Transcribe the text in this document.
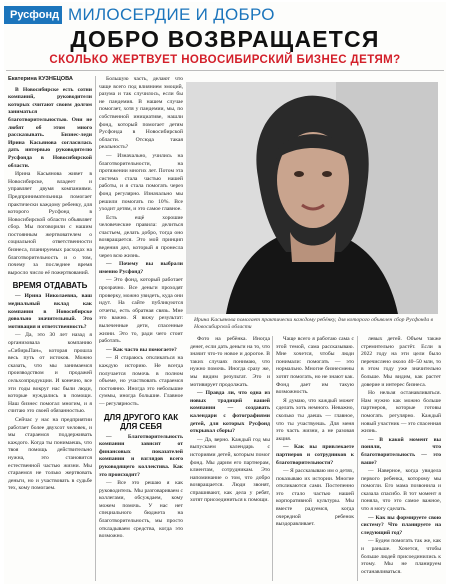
Русфонд МИЛОСЕРДИЕ И ДОБРО
ДОБРО ВОЗВРАЩАЕТСЯ
СКОЛЬКО ЖЕРТВУЕТ НОВОСИБИРСКИЙ БИЗНЕС ДЕТЯМ?

Екатерина КУЗНЕЦОВА

В Новосибирске есть сотни компаний, руководители которых считают своим долгом заниматься благотворительностью. Они не любят об этом много рассказывать. Бизнес-леди Ирина Касьянова согласилась дать интервью руководителю Русфонда в Новосибирской области.

Ирина Касьянова живет в Новосибирске, владеет и управляет двумя компаниями. Предпринимательница помогает практически каждому ребенку, для которого Русфонд в Новосибирской области объявляет сбор. Мы поговорили с нашим постоянным жертвователем о социальной ответственности бизнеса, планируемых расходах на благотворительность и о том, почему за последнее время выросло число её пожертвований.

ВРЕМЯ ОТДАВАТЬ

— Ирина Николаевна, ваш медиальный вклад как компании в Новосибирске довольно значительный. Это мотивация и ответственность?

— Да, это 30 лет назад я организовала компанию «СибирьПан», которая прошла весь путь от истоков. Можно сказать, что мы занимаемся производством и продажей сельхозпродукции. И конечно, все эти годы вокруг нас были люди, которые нуждались в помощи. Наш бизнес помогал многим, и я считаю это своей обязанностью.

Сейчас у нас на предприятии работает более двухсот человек, и мы стараемся поддерживать каждого. Когда ты понимаешь, что твоя помощь действительно нужна, это становится естественной частью жизни. Мы стараемся не только жертвовать деньги, но и участвовать в судьбе тех, кому помогаем.

Большую часть, делают что чаще всего под влиянием эмоций, разума и так случилось, если бы не пандемия. В нашем случае помогает, хотя у пандемии, мы, по собственной инициативе, нашли фонд, который помогает детям Русфонда в Новосибирской области. Отсюда такая реальность?

— Изначально, учились на благотворительности, на протяжении многих лет. Потом эта система стала частью нашей работы, и я стала помогать через фонд регулярно. Изначально мы решили помогать по 10%. Все уходит детям, и это самое главное.

Есть ещё хорошие человеческие правила: делиться счастьем, делать добро, тогда оно возвращается. Это мой принцип ведения дел, который я пронесла через всю жизнь.

— Почему вы выбрали именно Русфонд?

— Это фонд, который работает прозрачно. Все деньги проходят проверку, можно увидеть, куда они идут. На сайте публикуются отчеты, есть обратная связь. Мне это важно. Я вижу результат: вылеченные дети, спасенные жизни. Это то, ради чего стоит работать.

— Как часто вы помогаете?

— Я стараюсь откликаться на каждую историю. Не всегда получается помочь в полном объеме, но участвовать стараемся постоянно. Иногда это небольшие суммы, иногда большие. Главное — регулярность.

ДЛЯ ДРУГОГО КАК ДЛЯ СЕБЯ

— Благотворительность компании зависит от финансовых показателей компании и взглядов всего руководящего коллектива. Как это происходит?

— Все это решаю я как руководитель. Мы разговариваем с коллегами, обсуждаем, кому можем помочь. У нас нет специального бюджета на благотворительность, мы просто откладываем средства, когда это возможно.

Ирина Касьянова помогает практически каждому ребёнку, для которого объявлен сбор Русфонда в Новосибирской области

Фото на ребёнка. Иногда денег, если дать деньги на то, что значит что-то новое и дорогое. В таких случаях понимаю, что нужно помочь. Иногда сразу же, мы видим результат. Это и мотивирует продолжать.

— Правда ли, что одна из новых традиций вашей компании — создавать календари с фотографиями детей, для которых Русфонд открывал сборы?

— Да, верно. Каждый год мы выпускаем календарь с историями детей, которым помог фонд. Мы дарим его партнерам, клиентам, сотрудникам. Это напоминание о том, что добро возвращается. Люди звонят, спрашивают, как дела у ребят, хотят присоединиться к помощи.

Чаще всего я работаю сама с этой темой, сама рассказываю. Мне хочется, чтобы люди понимали: помогать — это нормально. Многие бизнесмены хотят помогать, но не знают как. Фонд дает им такую возможность.

Я думаю, что каждый может сделать хоть немного. Неважно, сколько ты даешь — главное, что ты участвуешь. Для меня это часть жизни, а не разовая акция.

— Как вы привлекаете партнеров и сотрудников к благотворительности?

— Я рассказываю им о детях, показываю их истории. Многие откликаются сами. Постепенно это стало частью нашей корпоративной культуры. Мы вместе радуемся, когда очередной ребенок выздоравливает.

левых детей. Объем также стремительно растёт. Если в 2022 году на эти цели было перечислено около 40–50 млн, то в этом году уже значительно больше. Мы видим, как растет доверие и интерес бизнеса.

Но нельзя останавливаться. Нам нужно как можно больше партнеров, которые готовы помогать регулярно. Каждый новый участник — это спасенная жизнь.

— В какой момент вы поняли, что благотворительность — это ваше?

— Наверное, когда увидела первого ребенка, которому мы помогли. Его мама позвонила и сказала спасибо. В тот момент я поняла, что это самое важное, что я могу сделать.

— Как вы формируете свою систему? Что планируете на следующий год?

— Будем помогать так же, как и раньше. Хочется, чтобы больше людей присоединились к этому. Мы не планируем останавливаться.
